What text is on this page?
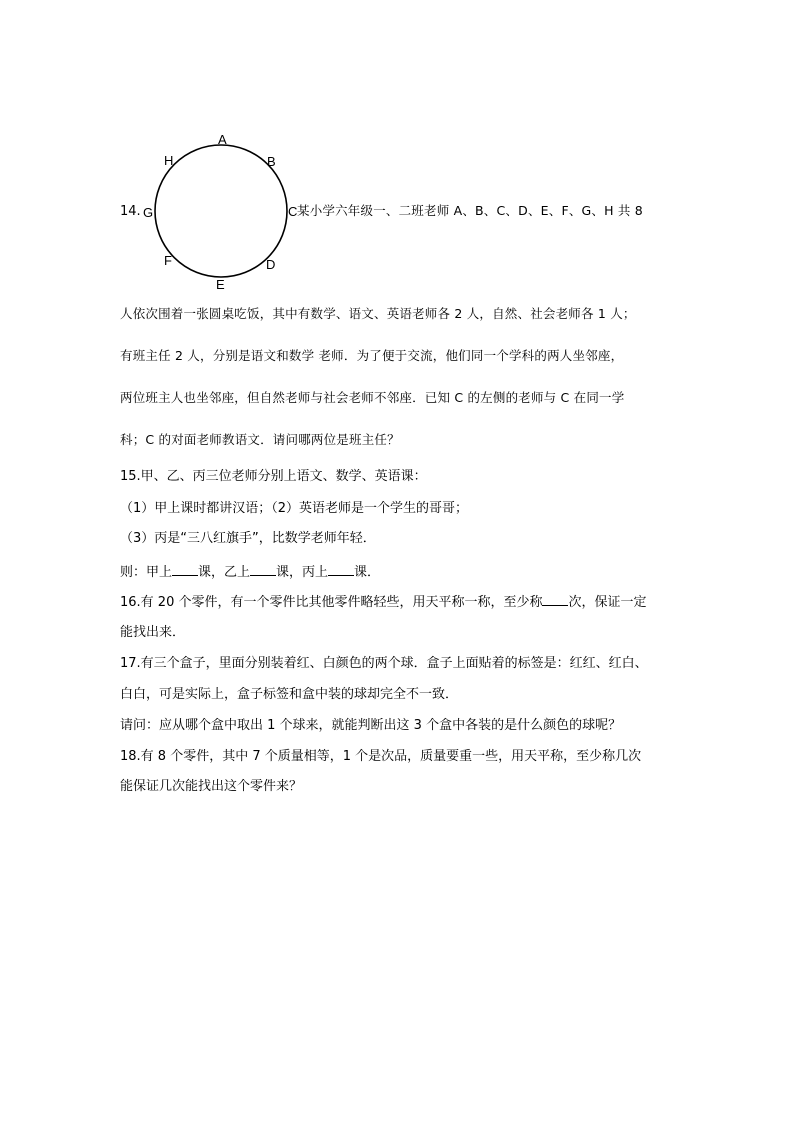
14.
A
B
C
D
E
F
G
H
某小学六年级一、二班老师 A、B、C、D、E、F、G、H 共 8
人依次围着一张圆桌吃饭，其中有数学、语文、英语老师各 2 人，自然、社会老师各 1 人；
有班主任 2 人，分别是语文和数学 老师．为了便于交流，他们同一个学科的两人坐邻座，
两位班主人也坐邻座，但自然老师与社会老师不邻座．已知 C 的左侧的老师与 C 在同一学
科；C 的对面老师教语文．请问哪两位是班主任？
15.甲、乙、丙三位老师分别上语文、数学、英语课：
（1）甲上课时都讲汉语；（2）英语老师是一个学生的哥哥；
（3）丙是“三八红旗手”，比数学老师年轻．
则：甲上 课，乙上 课，丙上 课．
16.有 20 个零件，有一个零件比其他零件略轻些，用天平称一称，至少称 次，保证一定
能找出来．
17.有三个盒子，里面分别装着红、白颜色的两个球．盒子上面贴着的标签是：红红、红白、
白白，可是实际上，盒子标签和盒中装的球却完全不一致．
请问：应从哪个盒中取出 1 个球来，就能判断出这 3 个盒中各装的是什么颜色的球呢？
18.有 8 个零件，其中 7 个质量相等，1 个是次品，质量要重一些，用天平称，至少称几次
能保证几次能找出这个零件来？
